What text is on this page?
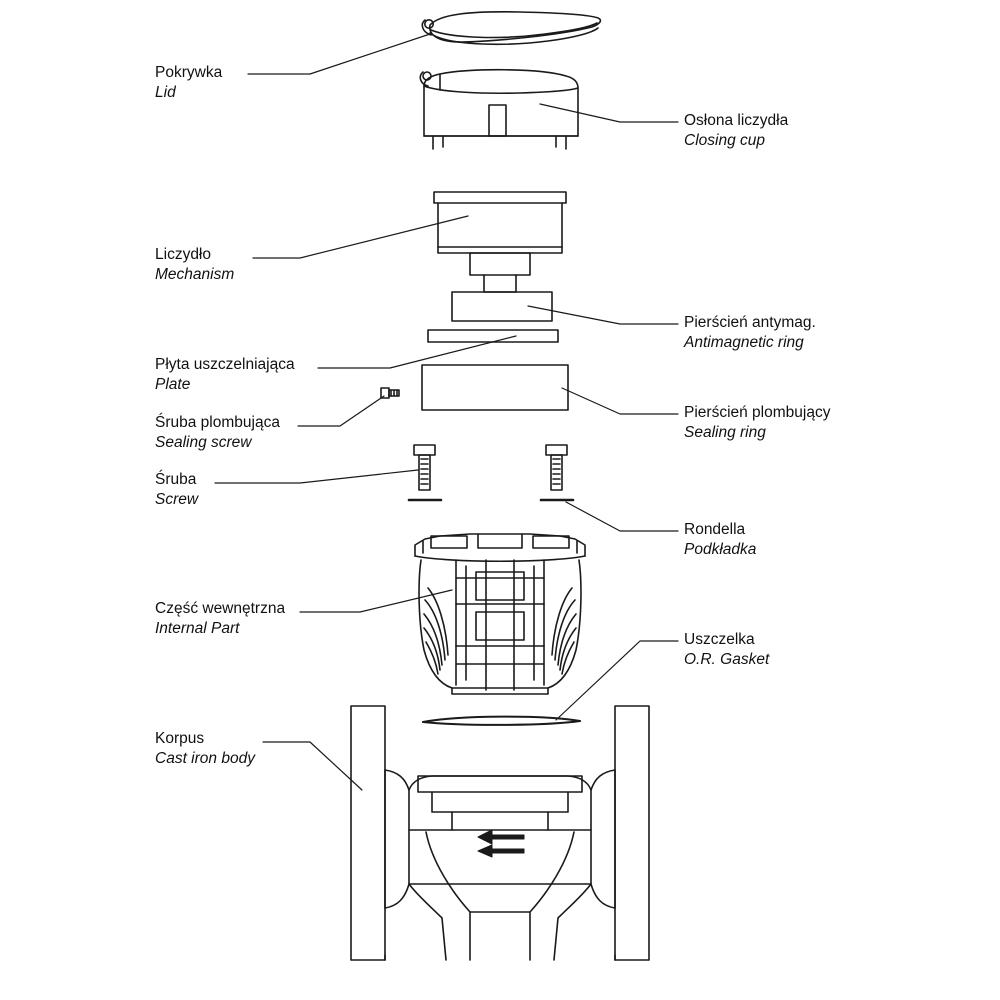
Pokrywka
Lid
Osłona liczydła
Closing cup
Liczydło
Mechanism
Pierścień antymag.
Antimagnetic ring
Płyta uszczelniająca
Plate
Pierścień plombujący
Sealing ring
Śruba plombująca
Sealing screw
Śruba
Screw
Rondella
Podkładka
Część wewnętrzna
Internal Part
Uszczelka
O.R. Gasket
Korpus
Cast iron body
